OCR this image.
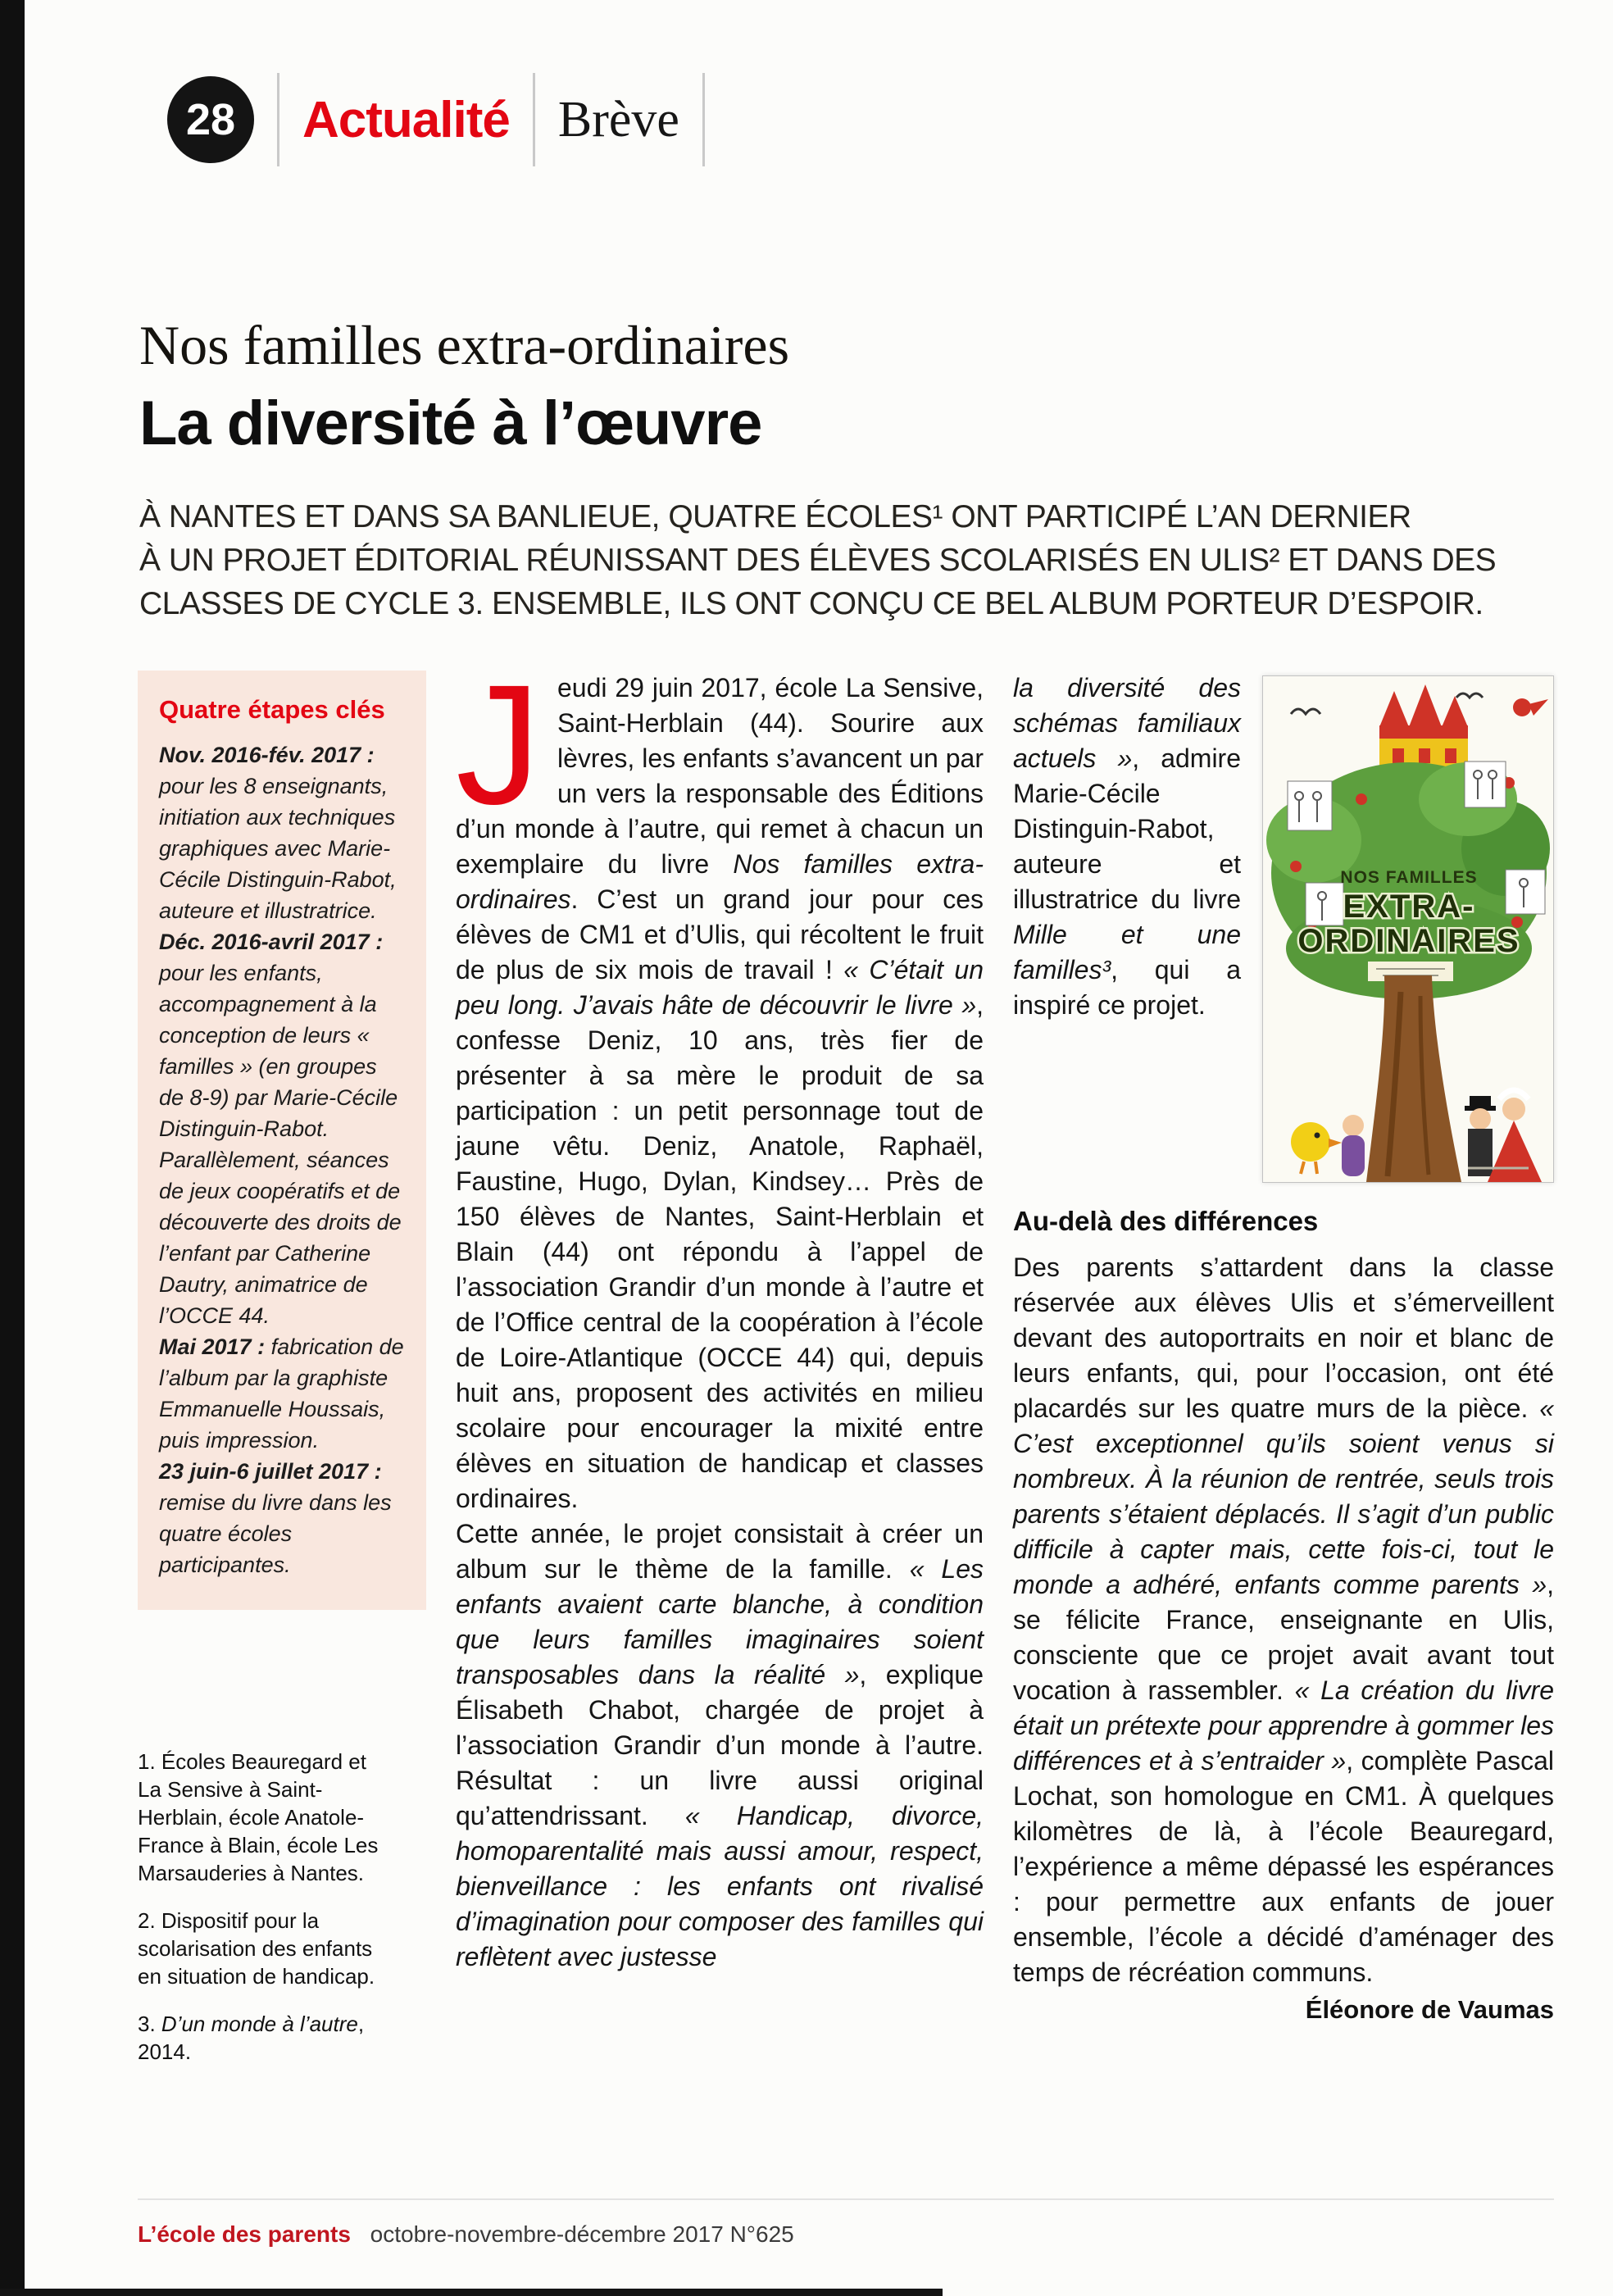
28	Actualité Brève
Nos familles extra-ordinaires
La diversité à l’œuvre
À NANTES ET DANS SA BANLIEUE, QUATRE ÉCOLES¹ ONT PARTICIPÉ L’AN DERNIER
À UN PROJET ÉDITORIAL RÉUNISSANT DES ÉLÈVES SCOLARISÉS EN ULIS² ET DANS DES
CLASSES DE CYCLE 3. ENSEMBLE, ILS ONT CONÇU CE BEL ALBUM PORTEUR D’ESPOIR.
Quatre étapes clés

Nov. 2016-fév. 2017 : pour les 8 enseignants, initiation aux techniques graphiques avec Marie-Cécile Distinguin-Rabot, auteure et illustratrice.

Déc. 2016-avril 2017 : pour les enfants, accompagnement à la conception de leurs « familles » (en groupes de 8-9) par Marie-Cécile Distinguin-Rabot. Parallèlement, séances de jeux coopératifs et de découverte des droits de l’enfant par Catherine Dautry, animatrice de l’OCCE 44.

Mai 2017 : fabrication de l’album par la graphiste Emmanuelle Houssais, puis impression.

23 juin-6 juillet 2017 : remise du livre dans les quatre écoles participantes.

1. Écoles Beauregard et La Sensive à Saint-Herblain, école Anatole-France à Blain, école Les Marsauderies à Nantes.

2. Dispositif pour la scolarisation des enfants en situation de handicap.

3. D’un monde à l’autre, 2014.

Jeudi 29 juin 2017, école La Sensive, Saint-Herblain (44). Sourire aux lèvres, les enfants s’avancent un par un vers la responsable des Éditions d’un monde à l’autre, qui remet à chacun un exemplaire du livre Nos familles extra-ordinaires. C’est un grand jour pour ces élèves de CM1 et d’Ulis, qui récoltent le fruit de plus de six mois de travail ! « C’était un peu long. J’avais hâte de découvrir le livre », confesse Deniz, 10 ans, très fier de présenter à sa mère le produit de sa participation : un petit personnage tout de jaune vêtu. Deniz, Anatole, Raphaël, Faustine, Hugo, Dylan, Kindsey… Près de 150 élèves de Nantes, Saint-Herblain et Blain (44) ont répondu à l’appel de l’association Grandir d’un monde à l’autre et de l’Office central de la coopération à l’école de Loire-Atlantique (OCCE 44) qui, depuis huit ans, proposent des activités en milieu scolaire pour encourager la mixité entre élèves en situation de handicap et classes ordinaires.

Cette année, le projet consistait à créer un album sur le thème de la famille. « Les enfants avaient carte blanche, à condition que leurs familles imaginaires soient transposables dans la réalité », explique Élisabeth Chabot, chargée de projet à l’association Grandir d’un monde à l’autre. Résultat : un livre aussi original qu’attendrissant. « Handicap, divorce, homoparentalité mais aussi amour, respect, bienveillance : les enfants ont rivalisé d’imagination pour composer des familles qui reflètent avec justesse

NOS FAMILLES
EXTRA-
ORDINAIRES

la diversité des schémas familiaux actuels », admire Marie-Cécile Distinguin-Rabot, auteure et illustratrice du livre Mille et une familles³, qui a inspiré ce projet.

Au-delà des différences

Des parents s’attardent dans la classe réservée aux élèves Ulis et s’émerveillent devant des autoportraits en noir et blanc de leurs enfants, qui, pour l’occasion, ont été placardés sur les quatre murs de la pièce. « C’est exceptionnel qu’ils soient venus si nombreux. À la réunion de rentrée, seuls trois parents s’étaient déplacés. Il s’agit d’un public difficile à capter mais, cette fois-ci, tout le monde a adhéré, enfants comme parents », se félicite France, enseignante en Ulis, consciente que ce projet avait avant tout vocation à rassembler. « La création du livre était un prétexte pour apprendre à gommer les différences et à s’entraider », complète Pascal Lochat, son homologue en CM1. À quelques kilomètres de là, à l’école Beauregard, l’expérience a même dépassé les espérances : pour permettre aux enfants de jouer ensemble, l’école a décidé d’aménager des temps de récréation communs.

Éléonore de Vaumas
L’école des parents octobre-novembre-décembre 2017 N°625
